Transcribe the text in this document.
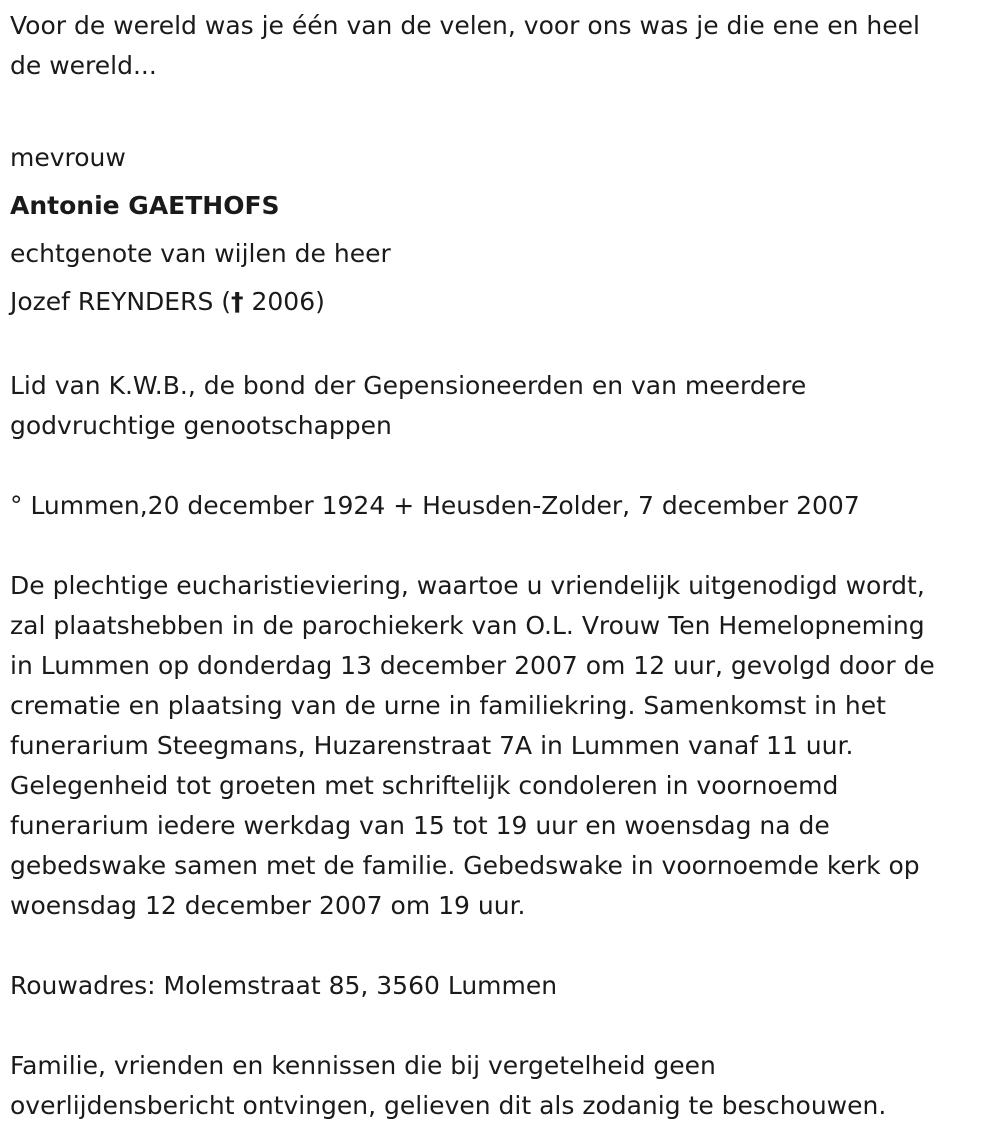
Voor de wereld was je één van de velen, voor ons was je die ene en heel
de wereld...

mevrouw

Antonie GAETHOFS

echtgenote van wijlen de heer

Jozef REYNDERS († 2006)

Lid van K.W.B., de bond der Gepensioneerden en van meerdere
godvruchtige genootschappen

° Lummen,20 december 1924 + Heusden-Zolder, 7 december 2007

De plechtige eucharistieviering, waartoe u vriendelijk uitgenodigd wordt,
zal plaatshebben in de parochiekerk van O.L. Vrouw Ten Hemelopneming
in Lummen op donderdag 13 december 2007 om 12 uur, gevolgd door de
crematie en plaatsing van de urne in familiekring. Samenkomst in het
funerarium Steegmans, Huzarenstraat 7A in Lummen vanaf 11 uur.
Gelegenheid tot groeten met schriftelijk condoleren in voornoemd
funerarium iedere werkdag van 15 tot 19 uur en woensdag na de
gebedswake samen met de familie. Gebedswake in voornoemde kerk op
woensdag 12 december 2007 om 19 uur.

Rouwadres: Molemstraat 85, 3560 Lummen

Familie, vrienden en kennissen die bij vergetelheid geen
overlijdensbericht ontvingen, gelieven dit als zodanig te beschouwen.
